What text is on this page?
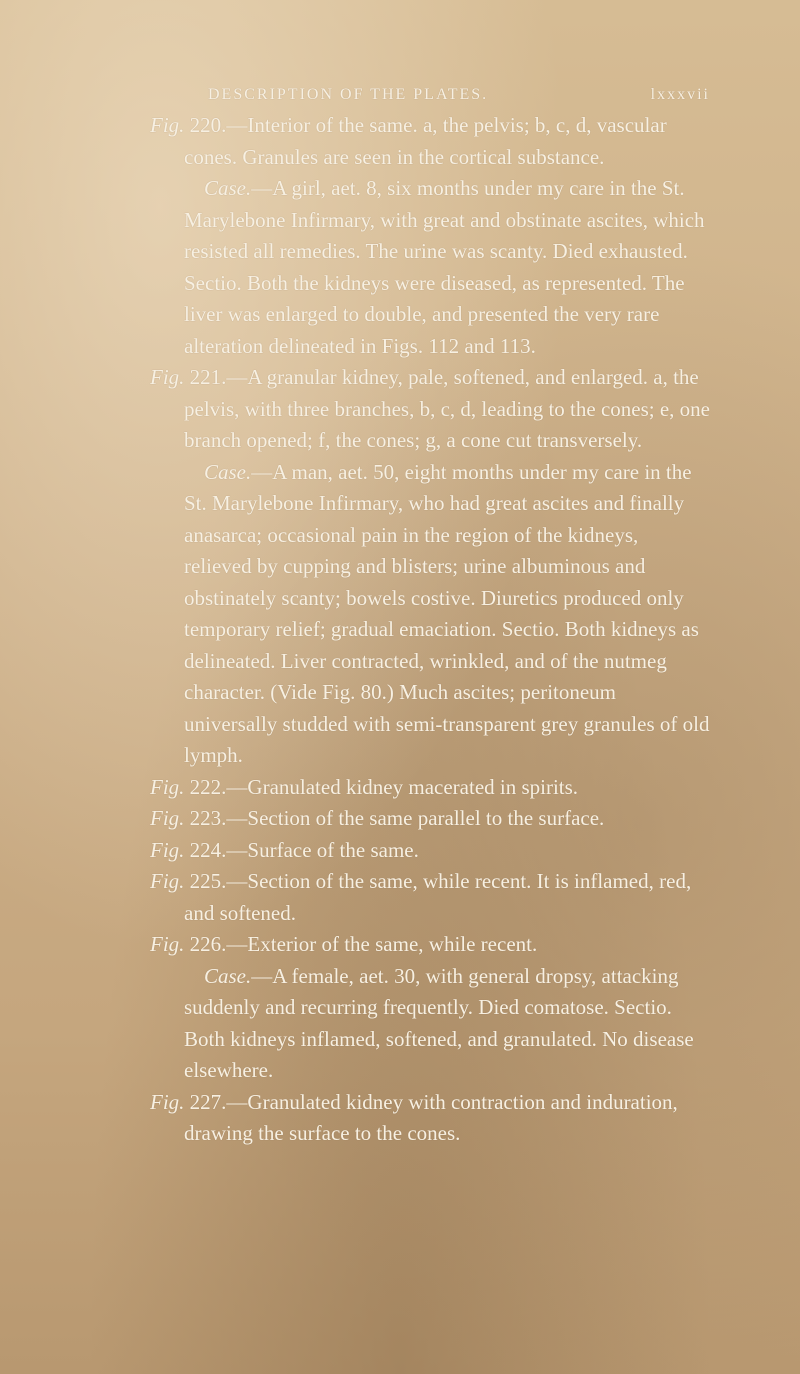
DESCRIPTION OF THE PLATES.	lxxxvii

Fig. 220.—Interior of the same. a, the pelvis; b, c, d, vascular cones. Granules are seen in the cortical substance.

Case.—A girl, aet. 8, six months under my care in the St. Marylebone Infirmary, with great and obstinate ascites, which resisted all remedies. The urine was scanty. Died exhausted. Sectio. Both the kidneys were diseased, as represented. The liver was enlarged to double, and presented the very rare alteration delineated in Figs. 112 and 113.

Fig. 221.—A granular kidney, pale, softened, and enlarged. a, the pelvis, with three branches, b, c, d, leading to the cones; e, one branch opened; f, the cones; g, a cone cut transversely.

Case.—A man, aet. 50, eight months under my care in the St. Marylebone Infirmary, who had great ascites and finally anasarca; occasional pain in the region of the kidneys, relieved by cupping and blisters; urine albuminous and obstinately scanty; bowels costive. Diuretics produced only temporary relief; gradual emaciation. Sectio. Both kidneys as delineated. Liver contracted, wrinkled, and of the nutmeg character. (Vide Fig. 80.) Much ascites; peritoneum universally studded with semi-transparent grey granules of old lymph.

Fig. 222.—Granulated kidney macerated in spirits.

Fig. 223.—Section of the same parallel to the surface.

Fig. 224.—Surface of the same.

Fig. 225.—Section of the same, while recent. It is inflamed, red, and softened.

Fig. 226.—Exterior of the same, while recent.

Case.—A female, aet. 30, with general dropsy, attacking suddenly and recurring frequently. Died comatose. Sectio. Both kidneys inflamed, softened, and granulated. No disease elsewhere.

Fig. 227.—Granulated kidney with contraction and induration, drawing the surface to the cones.
